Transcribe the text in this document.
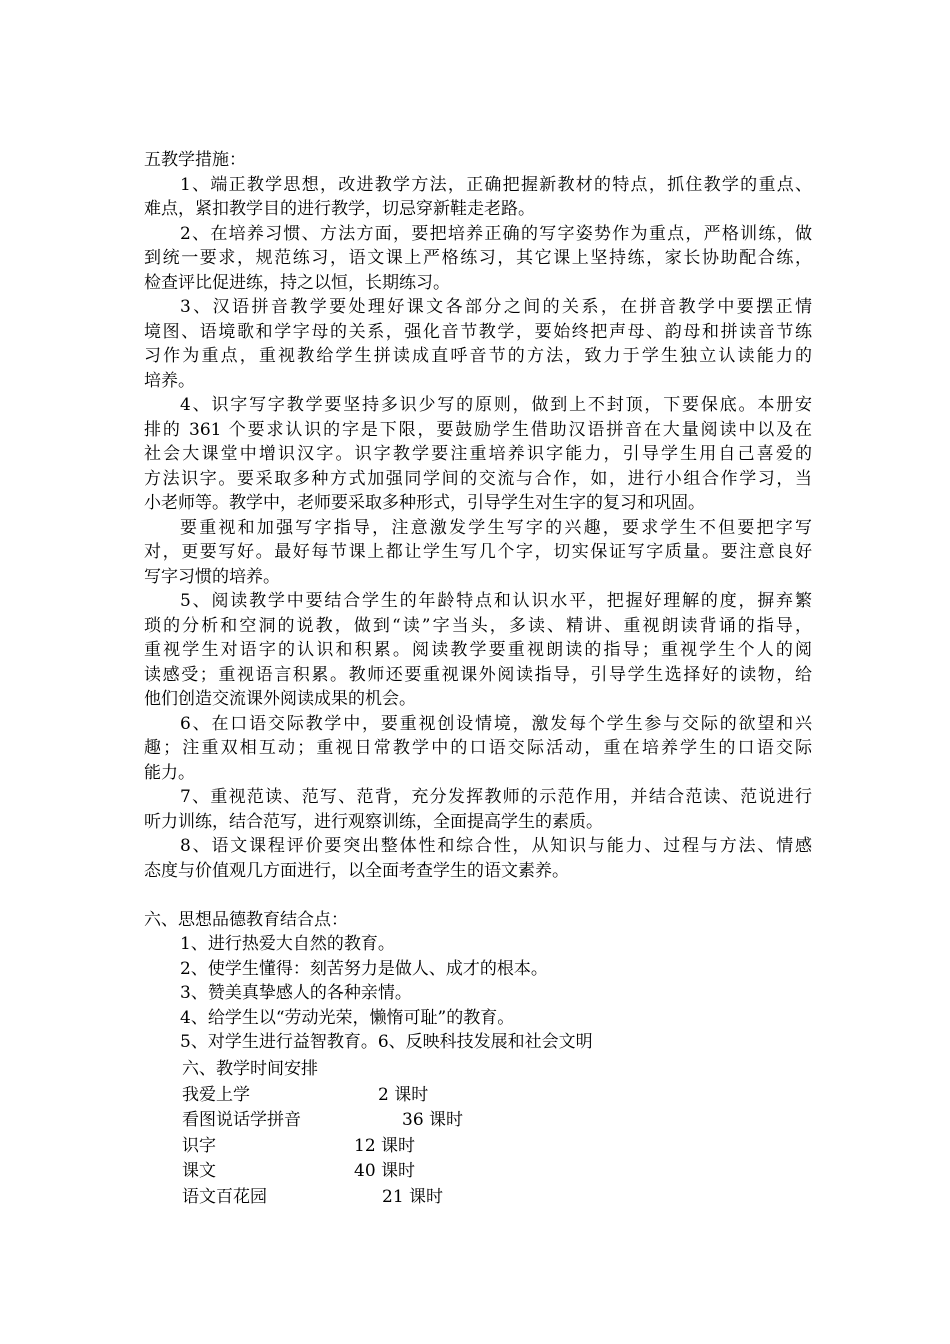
五教学措施：
1、端正教学思想，改进教学方法，正确把握新教材的特点，抓住教学的重点、
难点，紧扣教学目的进行教学，切忌穿新鞋走老路。
2、在培养习惯、方法方面，要把培养正确的写字姿势作为重点，严格训练，做
到统一要求，规范练习，语文课上严格练习，其它课上坚持练，家长协助配合练，
检查评比促进练，持之以恒，长期练习。
3、汉语拼音教学要处理好课文各部分之间的关系，在拼音教学中要摆正情
境图、语境歌和学字母的关系，强化音节教学，要始终把声母、韵母和拼读音节练
习作为重点，重视教给学生拼读成直呼音节的方法，致力于学生独立认读能力的
培养。
4、识字写字教学要坚持多识少写的原则，做到上不封顶，下要保底。本册安
排的 361 个要求认识的字是下限，要鼓励学生借助汉语拼音在大量阅读中以及在
社会大课堂中增识汉字。识字教学要注重培养识字能力，引导学生用自己喜爱的
方法识字。要采取多种方式加强同学间的交流与合作，如，进行小组合作学习，当
小老师等。教学中，老师要采取多种形式，引导学生对生字的复习和巩固。
要重视和加强写字指导，注意激发学生写字的兴趣，要求学生不但要把字写
对，更要写好。最好每节课上都让学生写几个字，切实保证写字质量。要注意良好
写字习惯的培养。
5、阅读教学中要结合学生的年龄特点和认识水平，把握好理解的度，摒弃繁
琐的分析和空洞的说教，做到“读”字当头，多读、精讲、重视朗读背诵的指导，
重视学生对语字的认识和积累。阅读教学要重视朗读的指导；重视学生个人的阅
读感受；重视语言积累。教师还要重视课外阅读指导，引导学生选择好的读物，给
他们创造交流课外阅读成果的机会。
6、在口语交际教学中，要重视创设情境，激发每个学生参与交际的欲望和兴
趣；注重双相互动；重视日常教学中的口语交际活动，重在培养学生的口语交际
能力。
7、重视范读、范写、范背，充分发挥教师的示范作用，并结合范读、范说进行
听力训练，结合范写，进行观察训练，全面提高学生的素质。
8、语文课程评价要突出整体性和综合性，从知识与能力、过程与方法、情感
态度与价值观几方面进行，以全面考查学生的语文素养。
六、思想品德教育结合点：
1、进行热爱大自然的教育。
2、使学生懂得：刻苦努力是做人、成才的根本。
3、赞美真挚感人的各种亲情。
4、给学生以“劳动光荣，懒惰可耻”的教育。
5、对学生进行益智教育。6、反映科技发展和社会文明
六、教学时间安排
我爱上学	2 课时
看图说话学拼音	36 课时
识字	12 课时
课文	40 课时
语文百花园	21 课时
